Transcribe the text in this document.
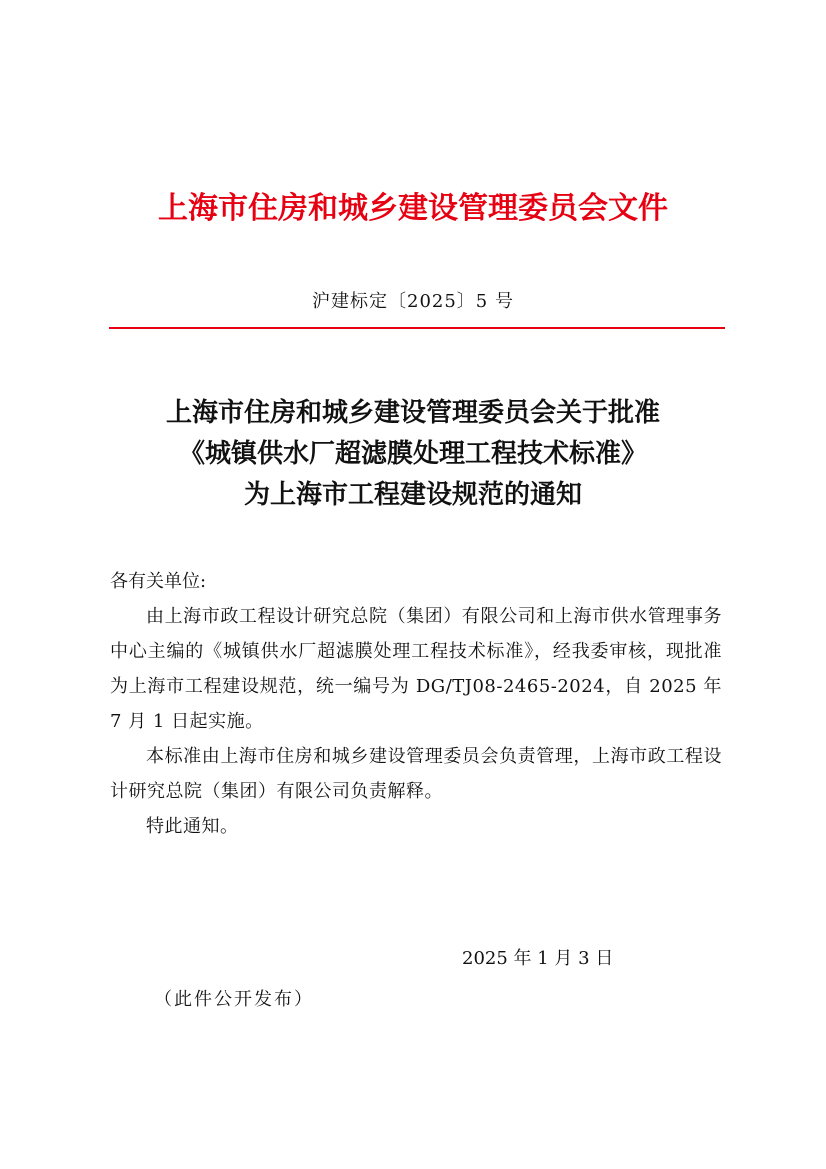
上海市住房和城乡建设管理委员会文件
沪建标定〔2025〕5 号
上海市住房和城乡建设管理委员会关于批准
《城镇供水厂超滤膜处理工程技术标准》
为上海市工程建设规范的通知

各有关单位:

由上海市政工程设计研究总院（集团）有限公司和上海市供水管理事务中心主编的《城镇供水厂超滤膜处理工程技术标准》，经我委审核，现批准为上海市工程建设规范，统一编号为 DG/TJ08-2465-2024，自 2025 年 7 月 1 日起实施。

本标准由上海市住房和城乡建设管理委员会负责管理，上海市政工程设计研究总院（集团）有限公司负责解释。

特此通知。

2025 年 1 月 3 日
（此件公开发布）
